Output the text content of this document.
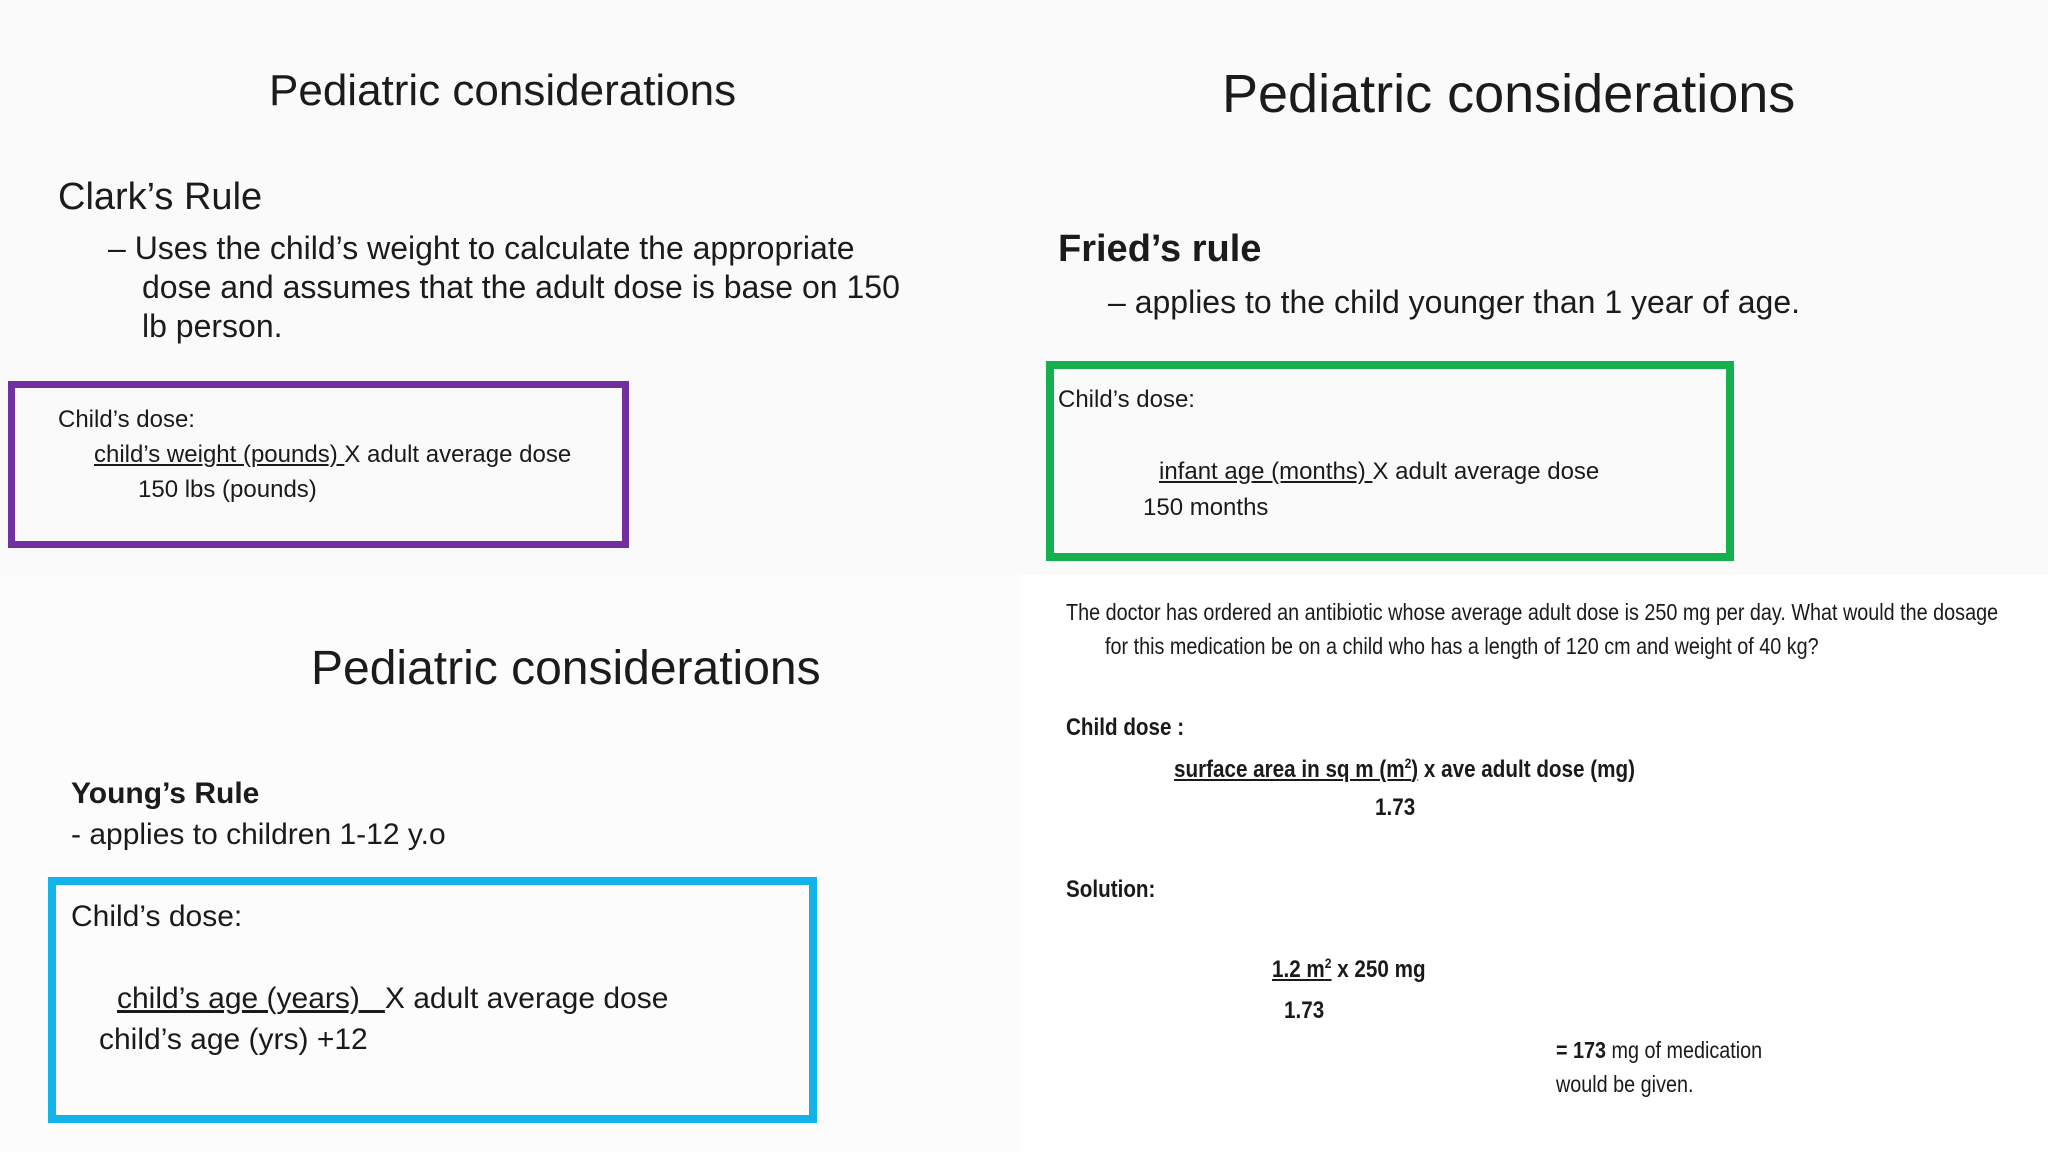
Pediatric considerations
Clark’s Rule
– Uses the child’s weight to calculate the appropriate
dose and assumes that the adult dose is base on 150
lb person.
Child’s dose:
child’s weight (pounds) X adult average dose
150 lbs (pounds)
Pediatric considerations
Fried’s rule
– applies to the child younger than 1 year of age.
Child’s dose:
infant age (months) X adult average dose
150 months
Pediatric considerations
Young’s Rule
- applies to children 1-12 y.o
Child’s dose:
child’s age (years)   X adult average dose
child’s age (yrs) +12
The doctor has ordered an antibiotic whose average adult dose is 250 mg per day. What would the dosage
for this medication be on a child who has a length of 120 cm and weight of 40 kg?
Child dose :
surface area in sq m $(m^2)$ x ave adult dose (mg)
1.73
Solution:
1.2 $m^2$ x 250 mg
1.73
= 173 mg of medication
would be given.
